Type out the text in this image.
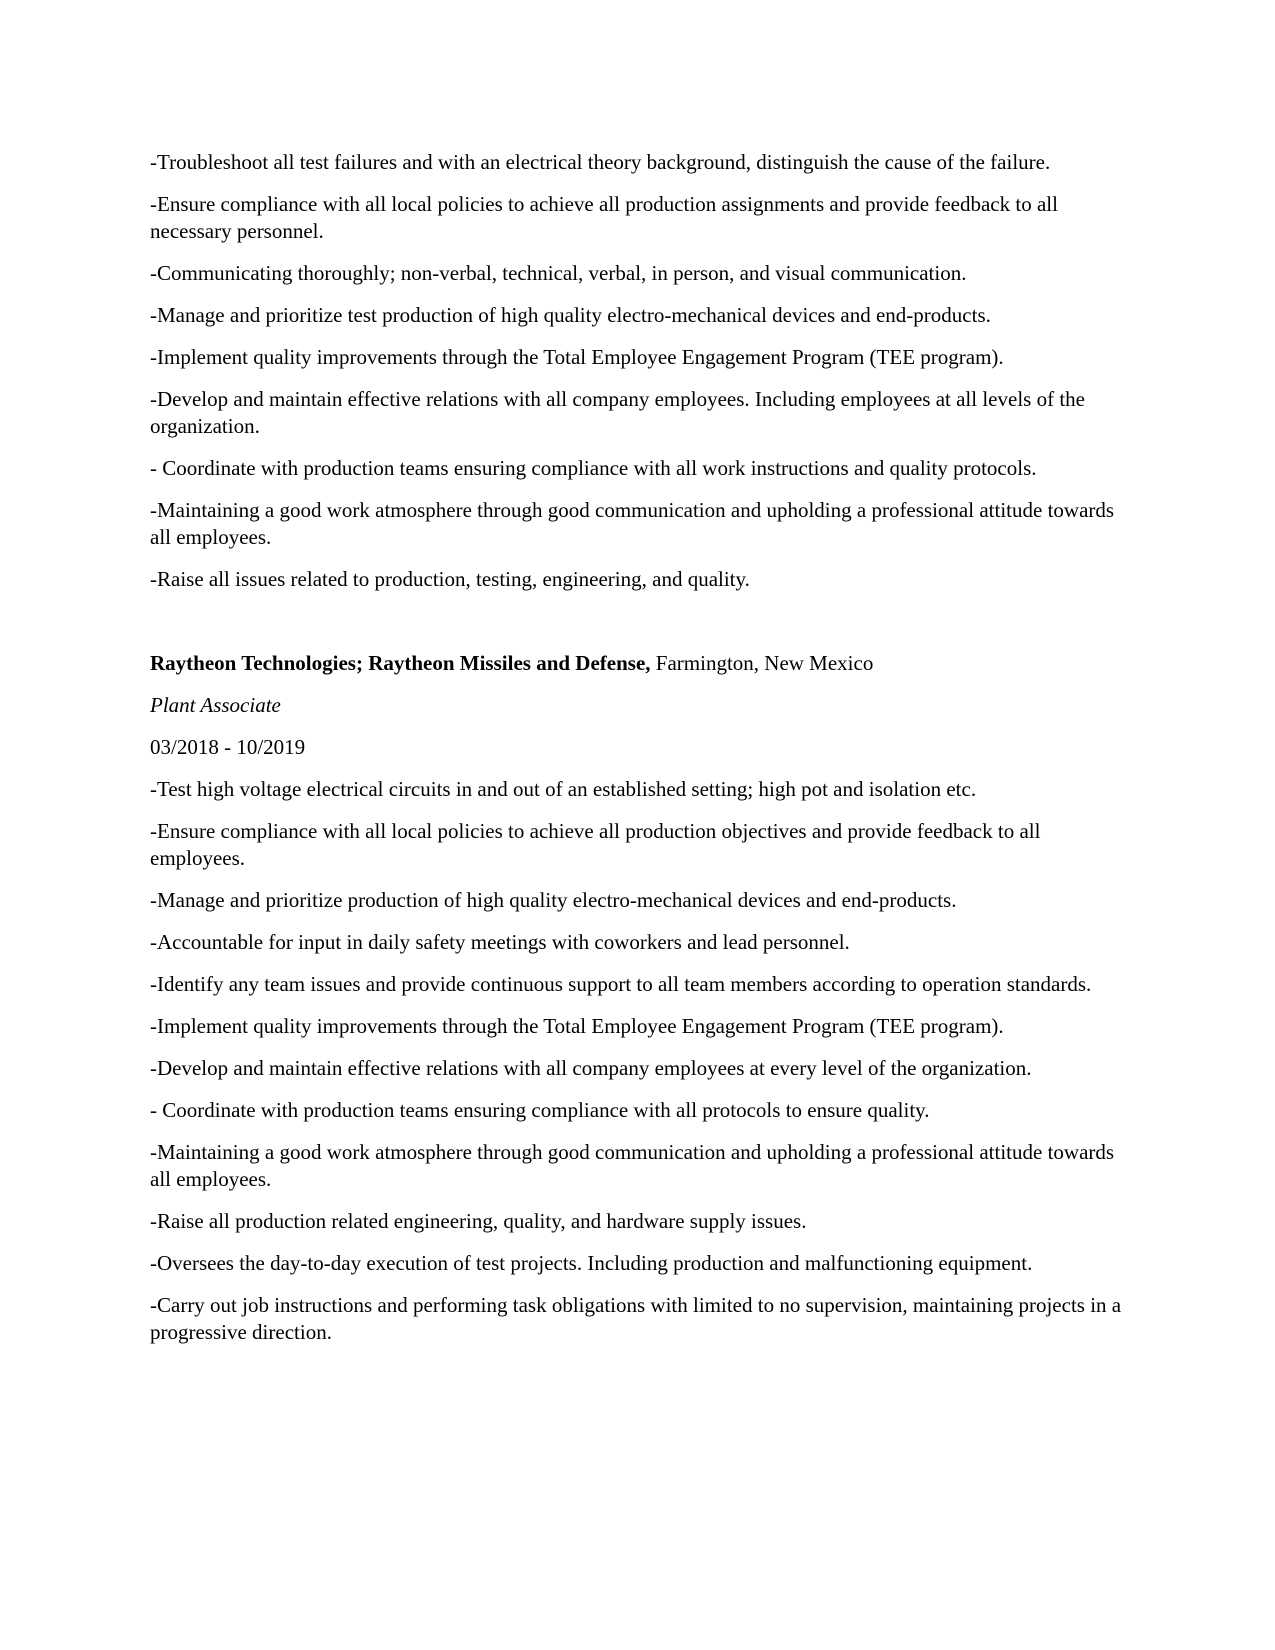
-Troubleshoot all test failures and with an electrical theory background, distinguish the cause of the failure.

-Ensure compliance with all local policies to achieve all production assignments and provide feedback to all necessary personnel.

-Communicating thoroughly; non-verbal, technical, verbal, in person, and visual communication.

-Manage and prioritize test production of high quality electro-mechanical devices and end-products.

-Implement quality improvements through the Total Employee Engagement Program (TEE program).

-Develop and maintain effective relations with all company employees. Including employees at all levels of the organization.

- Coordinate with production teams ensuring compliance with all work instructions and quality protocols.

-Maintaining a good work atmosphere through good communication and upholding a professional attitude towards all employees.

-Raise all issues related to production, testing, engineering, and quality.

Raytheon Technologies; Raytheon Missiles and Defense, Farmington, New Mexico

Plant Associate

03/2018 - 10/2019

-Test high voltage electrical circuits in and out of an established setting; high pot and isolation etc.

-Ensure compliance with all local policies to achieve all production objectives and provide feedback to all employees.

-Manage and prioritize production of high quality electro-mechanical devices and end-products.

-Accountable for input in daily safety meetings with coworkers and lead personnel.

-Identify any team issues and provide continuous support to all team members according to operation standards.

-Implement quality improvements through the Total Employee Engagement Program (TEE program).

-Develop and maintain effective relations with all company employees at every level of the organization.

- Coordinate with production teams ensuring compliance with all protocols to ensure quality.

-Maintaining a good work atmosphere through good communication and upholding a professional attitude towards all employees.

-Raise all production related engineering, quality, and hardware supply issues.

-Oversees the day-to-day execution of test projects. Including production and malfunctioning equipment.

-Carry out job instructions and performing task obligations with limited to no supervision, maintaining projects in a progressive direction.
